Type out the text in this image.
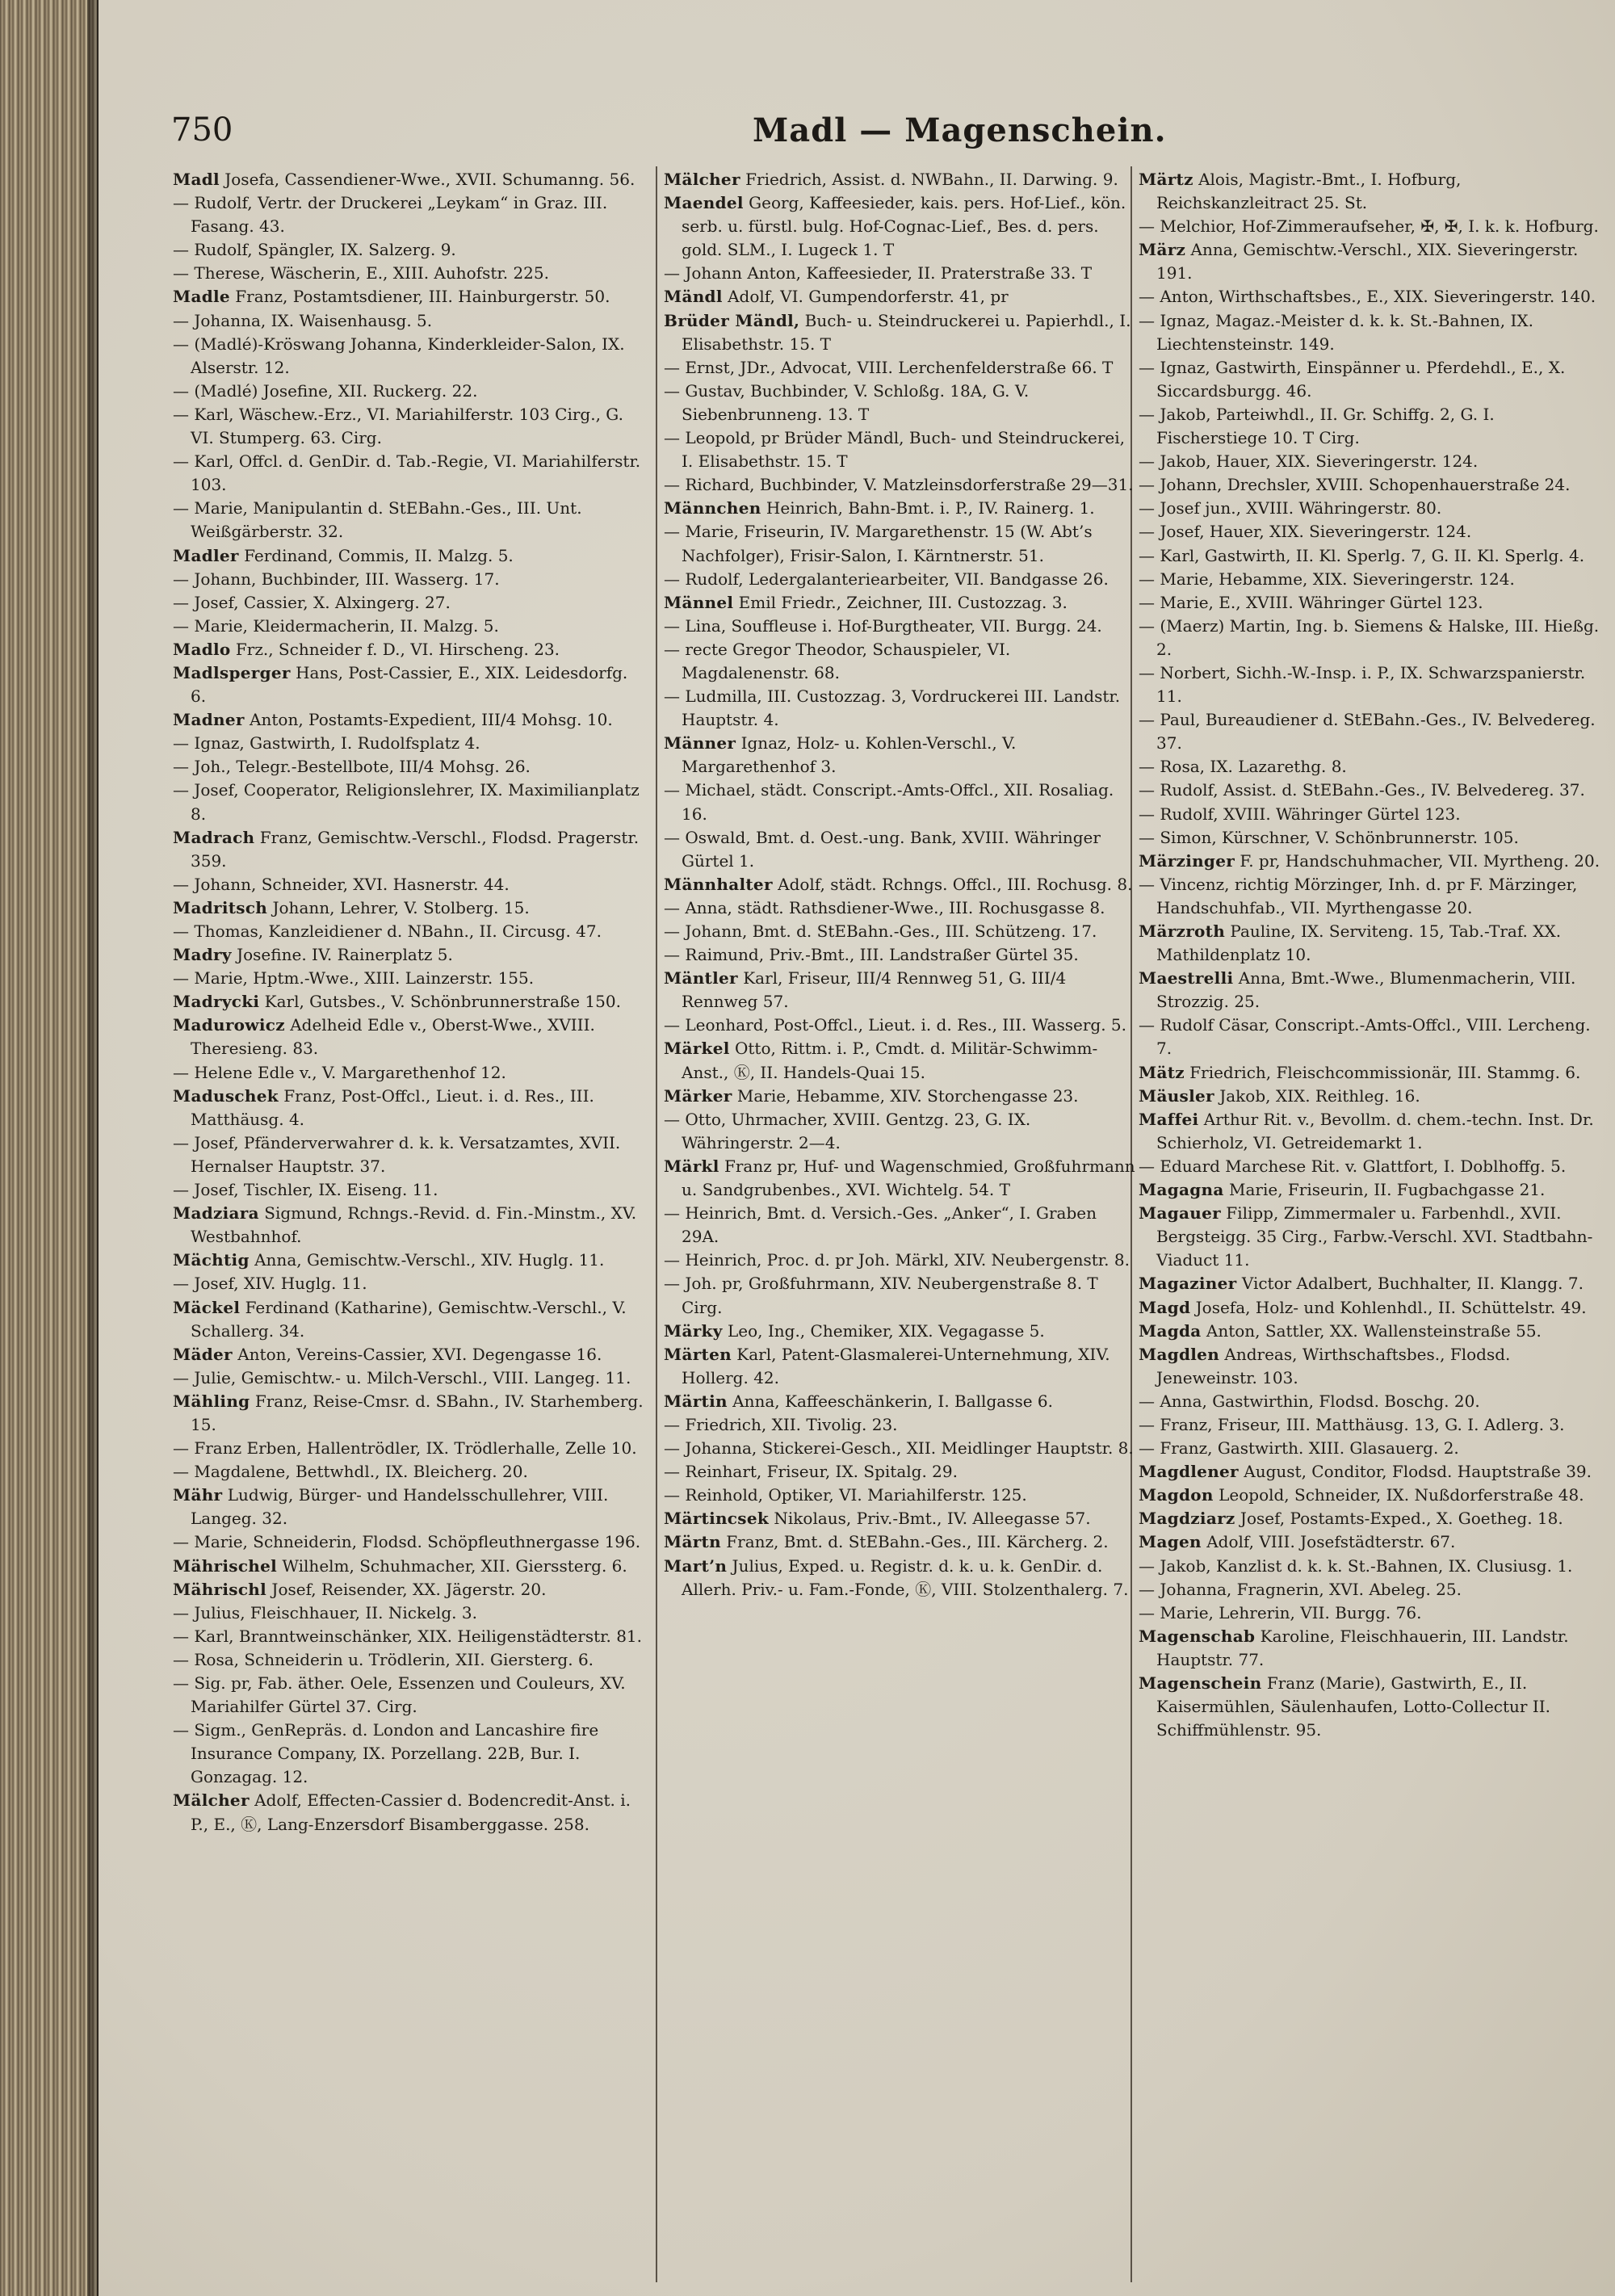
750	Madl — Magenschein.

Madl Josefa, Cassendiener-Wwe., XVII. Schumanng. 56.

— Rudolf, Vertr. der Druckerei „Leykam“ in Graz. III. Fasang. 43.

— Rudolf, Spängler, IX. Salzerg. 9.

— Therese, Wäscherin, E., XIII. Auhofstr. 225.

Madle Franz, Postamtsdiener, III. Hainburgerstr. 50.

— Johanna, IX. Waisenhausg. 5.

— (Madlé)-Kröswang Johanna, Kinderkleider-Salon, IX. Alserstr. 12.

— (Madlé) Josefine, XII. Ruckerg. 22.

— Karl, Wäschew.-Erz., VI. Mariahilferstr. 103 Cirg., G. VI. Stumperg. 63. Cirg.

— Karl, Offcl. d. GenDir. d. Tab.-Regie, VI. Mariahilferstr. 103.

— Marie, Manipulantin d. StEBahn.-Ges., III. Unt. Weißgärberstr. 32.

Madler Ferdinand, Commis, II. Malzg. 5.

— Johann, Buchbinder, III. Wasserg. 17.

— Josef, Cassier, X. Alxingerg. 27.

— Marie, Kleidermacherin, II. Malzg. 5.

Madlo Frz., Schneider f. D., VI. Hirscheng. 23.

Madlsperger Hans, Post-Cassier, E., XIX. Leidesdorfg. 6.

Madner Anton, Postamts-Expedient, III/4 Mohsg. 10.

— Ignaz, Gastwirth, I. Rudolfsplatz 4.

— Joh., Telegr.-Bestellbote, III/4 Mohsg. 26.

— Josef, Cooperator, Religionslehrer, IX. Maximilianplatz 8.

Madrach Franz, Gemischtw.-Verschl., Flodsd. Pragerstr. 359.

— Johann, Schneider, XVI. Hasnerstr. 44.

Madritsch Johann, Lehrer, V. Stolberg. 15.

— Thomas, Kanzleidiener d. NBahn., II. Circusg. 47.

Madry Josefine. IV. Rainerplatz 5.

— Marie, Hptm.-Wwe., XIII. Lainzerstr. 155.

Madrycki Karl, Gutsbes., V. Schönbrunnerstraße 150.

Madurowicz Adelheid Edle v., Oberst-Wwe., XVIII. Theresieng. 83.

— Helene Edle v., V. Margarethenhof 12.

Maduschek Franz, Post-Offcl., Lieut. i. d. Res., III. Matthäusg. 4.

— Josef, Pfänderverwahrer d. k. k. Versatzamtes, XVII. Hernalser Hauptstr. 37.

— Josef, Tischler, IX. Eiseng. 11.

Madziara Sigmund, Rchngs.-Revid. d. Fin.-Minstm., XV. Westbahnhof.

Mächtig Anna, Gemischtw.-Verschl., XIV. Huglg. 11.

— Josef, XIV. Huglg. 11.

Mäckel Ferdinand (Katharine), Gemischtw.-Verschl., V. Schallerg. 34.

Mäder Anton, Vereins-Cassier, XVI. Degengasse 16.

— Julie, Gemischtw.- u. Milch-Verschl., VIII. Langeg. 11.

Mähling Franz, Reise-Cmsr. d. SBahn., IV. Starhemberg. 15.

— Franz Erben, Hallentrödler, IX. Trödlerhalle, Zelle 10.

— Magdalene, Bettwhdl., IX. Bleicherg. 20.

Mähr Ludwig, Bürger- und Handelsschullehrer, VIII. Langeg. 32.

— Marie, Schneiderin, Flodsd. Schöpfleuthnergasse 196.

Mährischel Wilhelm, Schuhmacher, XII. Gierssterg. 6.

Mährischl Josef, Reisender, XX. Jägerstr. 20.

— Julius, Fleischhauer, II. Nickelg. 3.

— Karl, Branntweinschänker, XIX. Heiligenstädterstr. 81.

— Rosa, Schneiderin u. Trödlerin, XII. Giersterg. 6.

— Sig. pr, Fab. äther. Oele, Essenzen und Couleurs, XV. Mariahilfer Gürtel 37. Cirg.

— Sigm., GenRepräs. d. London and Lancashire fire Insurance Company, IX. Porzellang. 22B, Bur. I. Gonzagag. 12.

Mälcher Adolf, Effecten-Cassier d. Bodencredit-Anst. i. P., E., Ⓚ, Lang-Enzersdorf Bisamberggasse. 258.

Mälcher Friedrich, Assist. d. NWBahn., II. Darwing. 9.

Maendel Georg, Kaffeesieder, kais. pers. Hof-Lief., kön. serb. u. fürstl. bulg. Hof-Cognac-Lief., Bes. d. pers. gold. SLM., I. Lugeck 1. T

— Johann Anton, Kaffeesieder, II. Praterstraße 33. T

Mändl Adolf, VI. Gumpendorferstr. 41, pr

Brüder Mändl, Buch- u. Steindruckerei u. Papierhdl., I. Elisabethstr. 15. T

— Ernst, JDr., Advocat, VIII. Lerchenfelderstraße 66. T

— Gustav, Buchbinder, V. Schloßg. 18A, G. V. Siebenbrunneng. 13. T

— Leopold, pr Brüder Mändl, Buch- und Steindruckerei, I. Elisabethstr. 15. T

— Richard, Buchbinder, V. Matzleinsdorferstraße 29—31.

Männchen Heinrich, Bahn-Bmt. i. P., IV. Rainerg. 1.

— Marie, Friseurin, IV. Margarethenstr. 15 (W. Abt’s Nachfolger), Frisir-Salon, I. Kärntnerstr. 51.

— Rudolf, Ledergalanteriearbeiter, VII. Bandgasse 26.

Männel Emil Friedr., Zeichner, III. Custozzag. 3.

— Lina, Souffleuse i. Hof-Burgtheater, VII. Burgg. 24.

— recte Gregor Theodor, Schauspieler, VI. Magdalenenstr. 68.

— Ludmilla, III. Custozzag. 3, Vordruckerei III. Landstr. Hauptstr. 4.

Männer Ignaz, Holz- u. Kohlen-Verschl., V. Margarethenhof 3.

— Michael, städt. Conscript.-Amts-Offcl., XII. Rosaliag. 16.

— Oswald, Bmt. d. Oest.-ung. Bank, XVIII. Währinger Gürtel 1.

Männhalter Adolf, städt. Rchngs. Offcl., III. Rochusg. 8.

— Anna, städt. Rathsdiener-Wwe., III. Rochusgasse 8.

— Johann, Bmt. d. StEBahn.-Ges., III. Schützeng. 17.

— Raimund, Priv.-Bmt., III. Landstraßer Gürtel 35.

Mäntler Karl, Friseur, III/4 Rennweg 51, G. III/4 Rennweg 57.

— Leonhard, Post-Offcl., Lieut. i. d. Res., III. Wasserg. 5.

Märkel Otto, Rittm. i. P., Cmdt. d. Militär-Schwimm-Anst., Ⓚ, II. Handels-Quai 15.

Märker Marie, Hebamme, XIV. Storchengasse 23.

— Otto, Uhrmacher, XVIII. Gentzg. 23, G. IX. Währingerstr. 2—4.

Märkl Franz pr, Huf- und Wagenschmied, Großfuhrmann u. Sandgrubenbes., XVI. Wichtelg. 54. T

— Heinrich, Bmt. d. Versich.-Ges. „Anker“, I. Graben 29A.

— Heinrich, Proc. d. pr Joh. Märkl, XIV. Neubergenstr. 8.

— Joh. pr, Großfuhrmann, XIV. Neubergenstraße 8. T Cirg.

Märky Leo, Ing., Chemiker, XIX. Vegagasse 5.

Märten Karl, Patent-Glasmalerei-Unternehmung, XIV. Hollerg. 42.

Märtin Anna, Kaffeeschänkerin, I. Ballgasse 6.

— Friedrich, XII. Tivolig. 23.

— Johanna, Stickerei-Gesch., XII. Meidlinger Hauptstr. 8.

— Reinhart, Friseur, IX. Spitalg. 29.

— Reinhold, Optiker, VI. Mariahilferstr. 125.

Märtincsek Nikolaus, Priv.-Bmt., IV. Alleegasse 57.

Märtn Franz, Bmt. d. StEBahn.-Ges., III. Kärcherg. 2.

Mart’n Julius, Exped. u. Registr. d. k. u. k. GenDir. d. Allerh. Priv.- u. Fam.-Fonde, Ⓚ, VIII. Stolzenthalerg. 7.

Märtz Alois, Magistr.-Bmt., I. Hofburg, Reichskanzleitract 25. St.

— Melchior, Hof-Zimmeraufseher, ✠, ✠, I. k. k. Hofburg.

März Anna, Gemischtw.-Verschl., XIX. Sieveringerstr. 191.

— Anton, Wirthschaftsbes., E., XIX. Sieveringerstr. 140.

— Ignaz, Magaz.-Meister d. k. k. St.-Bahnen, IX. Liechtensteinstr. 149.

— Ignaz, Gastwirth, Einspänner u. Pferdehdl., E., X. Siccardsburgg. 46.

— Jakob, Parteiwhdl., II. Gr. Schiffg. 2, G. I. Fischerstiege 10. T Cirg.

— Jakob, Hauer, XIX. Sieveringerstr. 124.

— Johann, Drechsler, XVIII. Schopenhauerstraße 24.

— Josef jun., XVIII. Währingerstr. 80.

— Josef, Hauer, XIX. Sieveringerstr. 124.

— Karl, Gastwirth, II. Kl. Sperlg. 7, G. II. Kl. Sperlg. 4.

— Marie, Hebamme, XIX. Sieveringerstr. 124.

— Marie, E., XVIII. Währinger Gürtel 123.

— (Maerz) Martin, Ing. b. Siemens & Halske, III. Hießg. 2.

— Norbert, Sichh.-W.-Insp. i. P., IX. Schwarzspanierstr. 11.

— Paul, Bureaudiener d. StEBahn.-Ges., IV. Belvedereg. 37.

— Rosa, IX. Lazarethg. 8.

— Rudolf, Assist. d. StEBahn.-Ges., IV. Belvedereg. 37.

— Rudolf, XVIII. Währinger Gürtel 123.

— Simon, Kürschner, V. Schönbrunnerstr. 105.

Märzinger F. pr, Handschuhmacher, VII. Myrtheng. 20.

— Vincenz, richtig Mörzinger, Inh. d. pr F. Märzinger, Handschuhfab., VII. Myrthengasse 20.

Märzroth Pauline, IX. Servitеng. 15, Tab.-Traf. XX. Mathildenplatz 10.

Maestrelli Anna, Bmt.-Wwe., Blumenmacherin, VIII. Strozzig. 25.

— Rudolf Cäsar, Conscript.-Amts-Offcl., VIII. Lercheng. 7.

Mätz Friedrich, Fleischcommissionär, III. Stammg. 6.

Mäusler Jakob, XIX. Reithleg. 16.

Maffei Arthur Rit. v., Bevollm. d. chem.-techn. Inst. Dr. Schierholz, VI. Getreidemarkt 1.

— Eduard Marchese Rit. v. Glattfort, I. Doblhoffg. 5.

Magagna Marie, Friseurin, II. Fugbachgasse 21.

Magauer Filipp, Zimmermaler u. Farbenhdl., XVII. Bergsteigg. 35 Cirg., Farbw.-Verschl. XVI. Stadtbahn-Viaduct 11.

Magaziner Victor Adalbert, Buchhalter, II. Klangg. 7.

Magd Josefa, Holz- und Kohlenhdl., II. Schüttelstr. 49.

Magda Anton, Sattler, XX. Wallensteinstraße 55.

Magdlen Andreas, Wirthschaftsbes., Flodsd. Jeneweinstr. 103.

— Anna, Gastwirthin, Flodsd. Boschg. 20.

— Franz, Friseur, III. Matthäusg. 13, G. I. Adlerg. 3.

— Franz, Gastwirth. XIII. Glasauerg. 2.

Magdlener August, Conditor, Flodsd. Hauptstraße 39.

Magdon Leopold, Schneider, IX. Nußdorferstraße 48.

Magdziarz Josef, Postamts-Exped., X. Goetheg. 18.

Magen Adolf, VIII. Josefstädterstr. 67.

— Jakob, Kanzlist d. k. k. St.-Bahnen, IX. Clusiusg. 1.

— Johanna, Fragnerin, XVI. Abeleg. 25.

— Marie, Lehrerin, VII. Burgg. 76.

Magenschab Karoline, Fleischhauerin, III. Landstr. Hauptstr. 77.

Magenschein Franz (Marie), Gastwirth, E., II. Kaisermühlen, Säulenhaufen, Lotto-Collectur II. Schiffmühlenstr. 95.
